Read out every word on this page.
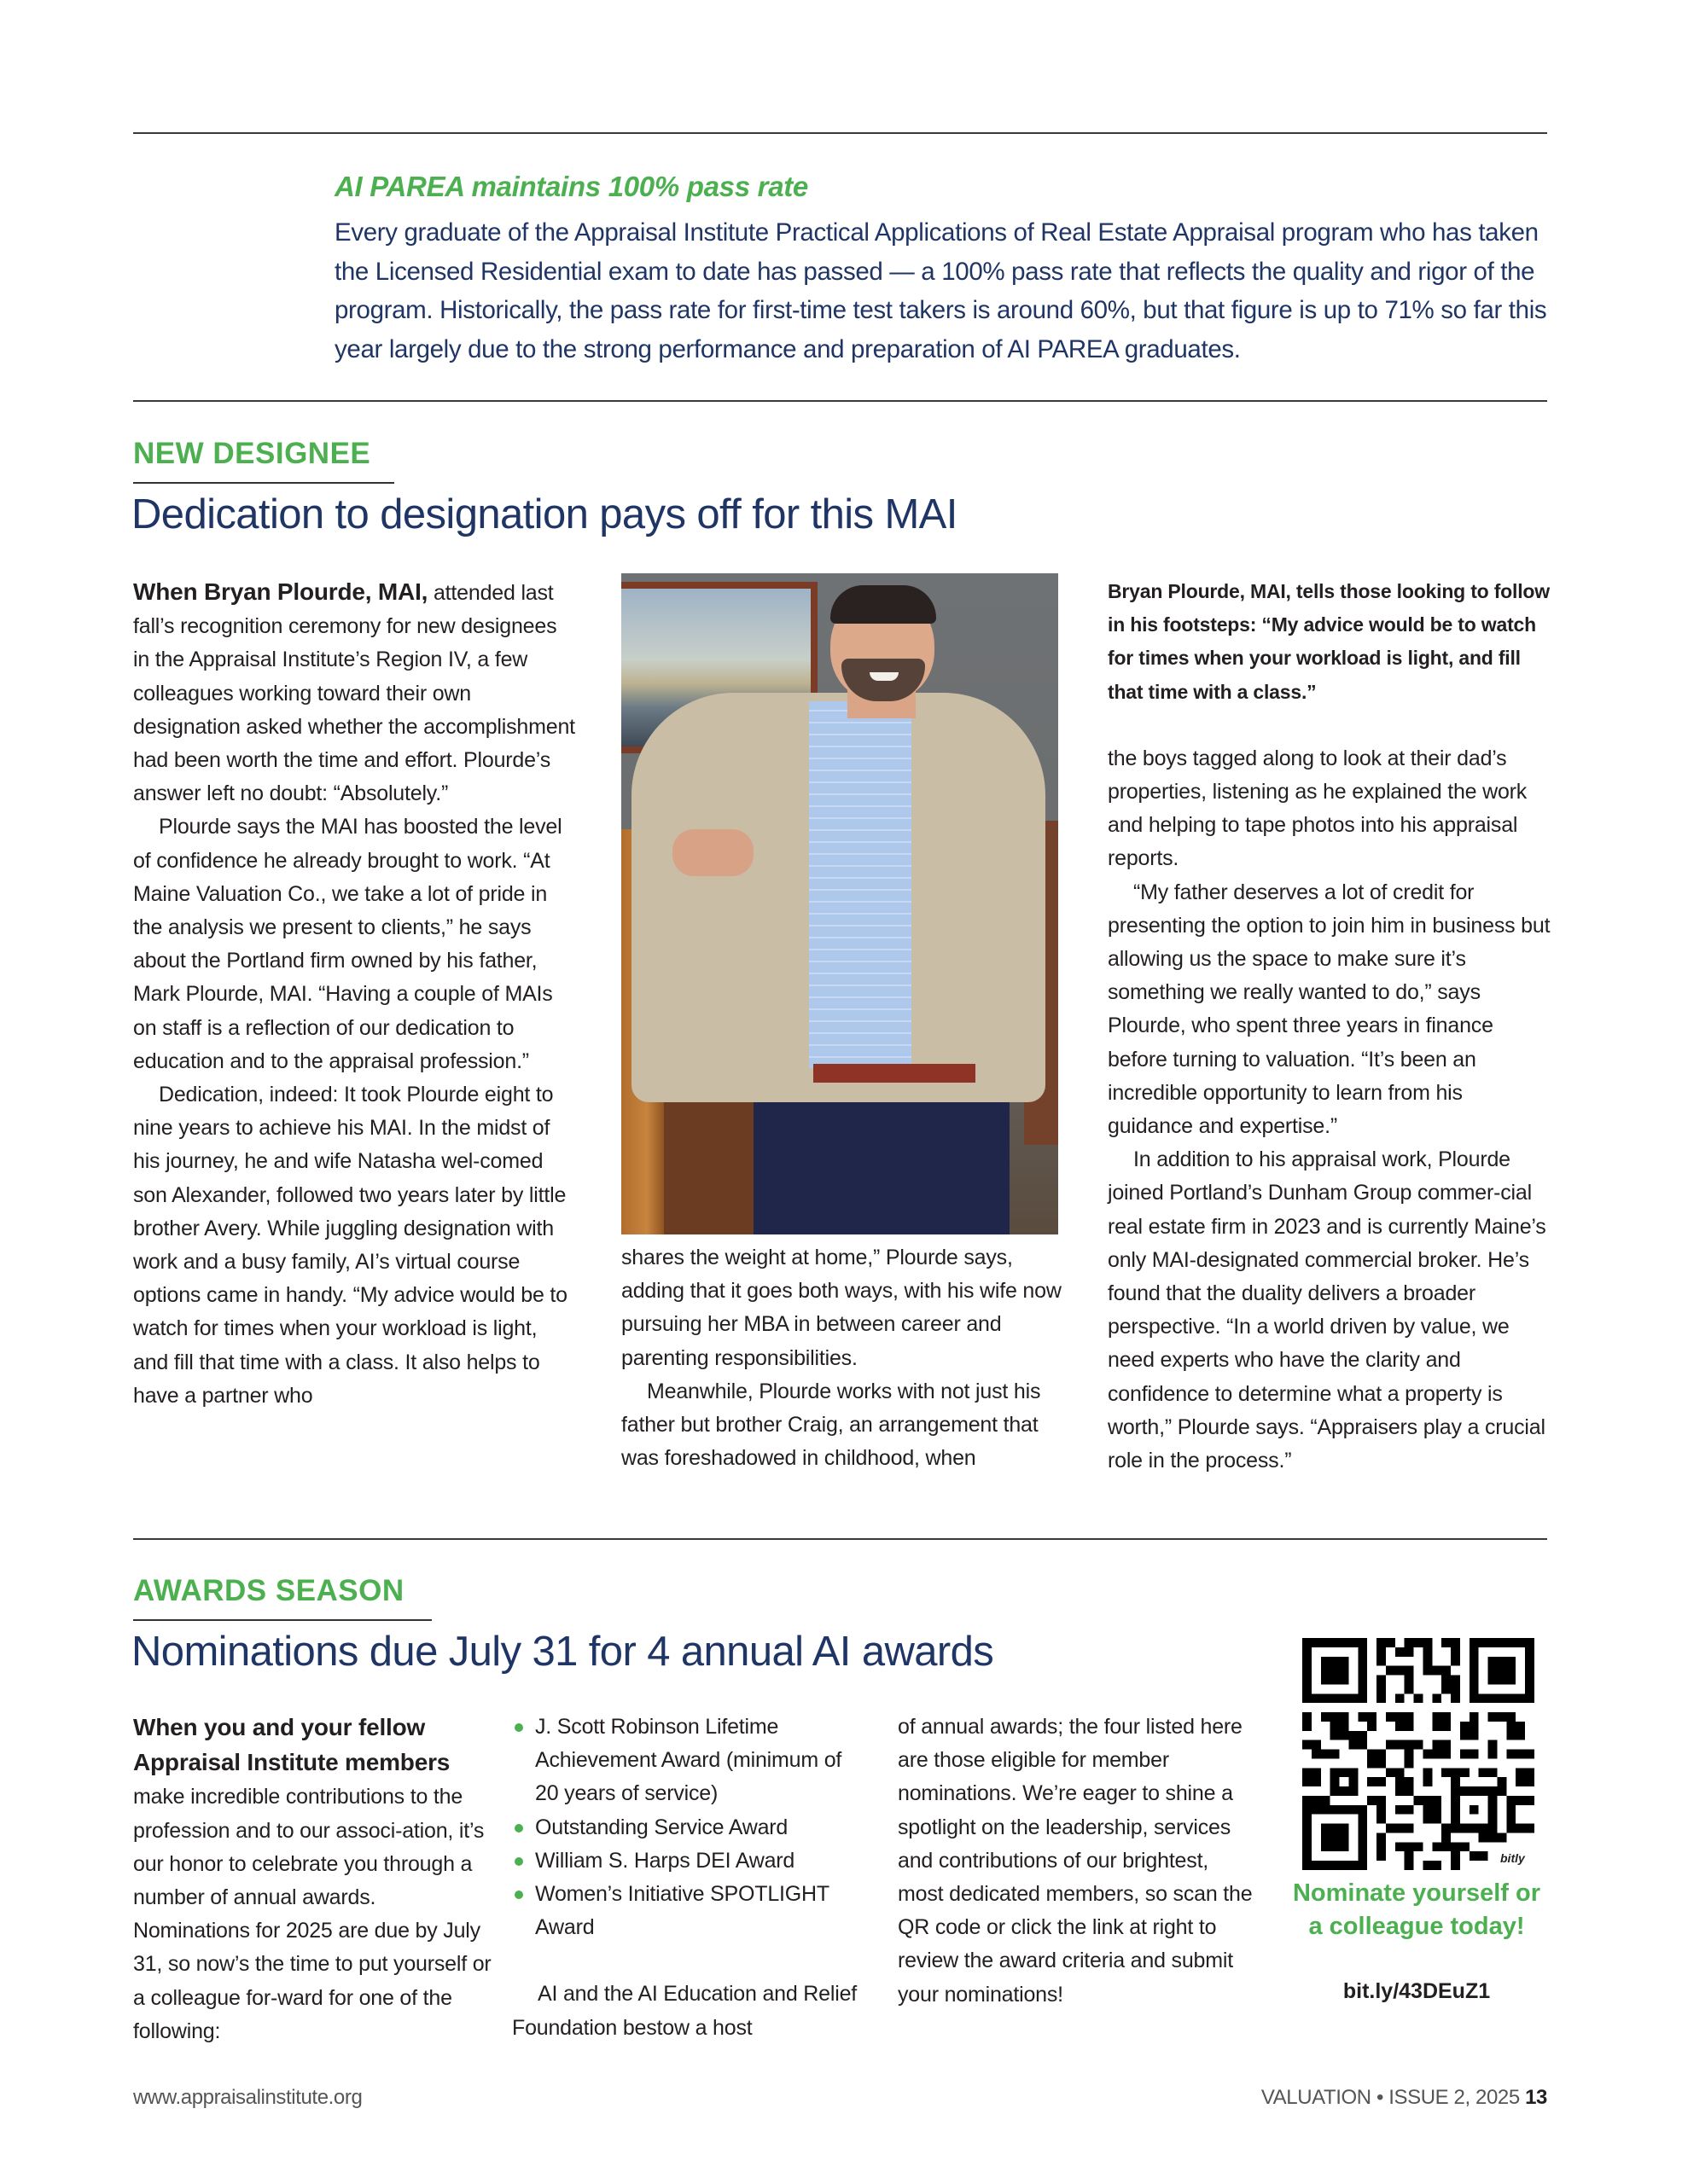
AI PAREA maintains 100% pass rate
Every graduate of the Appraisal Institute Practical Applications of Real Estate Appraisal program who has taken the Licensed Residential exam to date has passed — a 100% pass rate that reflects the quality and rigor of the program. Historically, the pass rate for first-time test takers is around 60%, but that figure is up to 71% so far this year largely due to the strong performance and preparation of AI PAREA graduates.
NEW DESIGNEE
Dedication to designation pays off for this MAI

When Bryan Plourde, MAI, attended last fall’s recognition ceremony for new designees in the Appraisal Institute’s Region IV, a few colleagues working toward their own designation asked whether the accomplishment had been worth the time and effort. Plourde’s answer left no doubt: “Absolutely.”

Plourde says the MAI has boosted the level of confidence he already brought to work. “At Maine Valuation Co., we take a lot of pride in the analysis we present to clients,” he says about the Portland firm owned by his father, Mark Plourde, MAI. “Having a couple of MAIs on staff is a reflection of our dedication to education and to the appraisal profession.”

Dedication, indeed: It took Plourde eight to nine years to achieve his MAI. In the midst of his journey, he and wife Natasha wel-comed son Alexander, followed two years later by little brother Avery. While juggling designation with work and a busy family, AI’s virtual course options came in handy. “My advice would be to watch for times when your workload is light, and fill that time with a class. It also helps to have a partner who

shares the weight at home,” Plourde says, adding that it goes both ways, with his wife now pursuing her MBA in between career and parenting responsibilities.

Meanwhile, Plourde works with not just his father but brother Craig, an arrangement that was foreshadowed in childhood, when

Bryan Plourde, MAI, tells those looking to follow in his footsteps: “My advice would be to watch for times when your workload is light, and fill that time with a class.”

the boys tagged along to look at their dad’s properties, listening as he explained the work and helping to tape photos into his appraisal reports.

“My father deserves a lot of credit for presenting the option to join him in business but allowing us the space to make sure it’s something we really wanted to do,” says Plourde, who spent three years in finance before turning to valuation. “It’s been an incredible opportunity to learn from his guidance and expertise.”

In addition to his appraisal work, Plourde joined Portland’s Dunham Group commer-cial real estate firm in 2023 and is currently Maine’s only MAI-designated commercial broker. He’s found that the duality delivers a broader perspective. “In a world driven by value, we need experts who have the clarity and confidence to determine what a property is worth,” Plourde says. “Appraisers play a crucial role in the process.”

AWARDS SEASON
Nominations due July 31 for 4 annual AI awards

When you and your fellow Appraisal Institute members make incredible contributions to the profession and to our associ-ation, it’s our honor to celebrate you through a number of annual awards. Nominations for 2025 are due by July 31, so now’s the time to put yourself or a colleague for-ward for one of the following:

J. Scott Robinson Lifetime Achievement Award (minimum of 20 years of service)
Outstanding Service Award
William S. Harps DEI Award
Women’s Initiative SPOTLIGHT Award

AI and the AI Education and Relief Foundation bestow a host

of annual awards; the four listed here are those eligible for member nominations. We’re eager to shine a spotlight on the leadership, services and contributions of our brightest, most dedicated members, so scan the QR code or click the link at right to review the award criteria and submit your nominations!

bitly
Nominate yourself or a colleague today!
bit.ly/43DEuZ1
www.appraisalinstitute.org	VALUATION • ISSUE 2, 2025 13
